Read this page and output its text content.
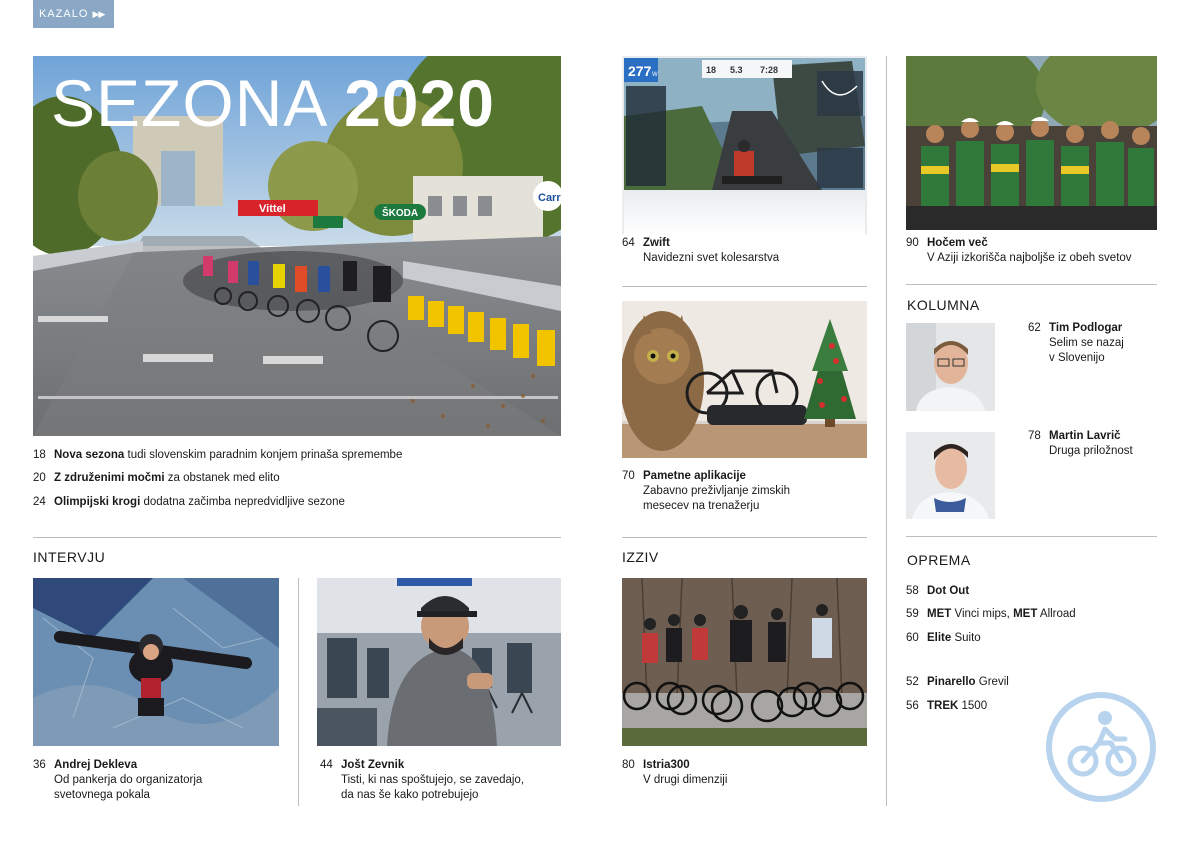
KAZALO ▶▶
Vittel	ŠKODA
Carr
SEZONA 2020
18 Nova sezona tudi slovenskim paradnim konjem prinaša spremembe
20 Z združenimi močmi za obstanek med elito
24 Olimpijski krogi dodatna začimba nepredvidljive sezone
INTERVJU
36 Andrej Dekleva
Od pankerja do organizatorja
svetovnega pokala
44 Jošt Zevnik
Tisti, ki nas spoštujejo, se zavedajo,
da nas še kako potrebujejo
277 W	18 5.3 7:28
64 Zwift
Navidezni svet kolesarstva
70 Pametne aplikacije
Zabavno preživljanje zimskih
mesecev na trenažerju
IZZIV
80 Istria300
V drugi dimenziji
90 Hočem več
V Aziji izkorišča najboljše iz obeh svetov
KOLUMNA
62 Tim Podlogar
Selim se nazaj
v Slovenijo
78 Martin Lavrič
Druga priložnost
OPREMA
58 Dot Out
59 MET Vinci mips, MET Allroad
60 Elite Suito
52 Pinarello Grevil
56 TREK 1500
